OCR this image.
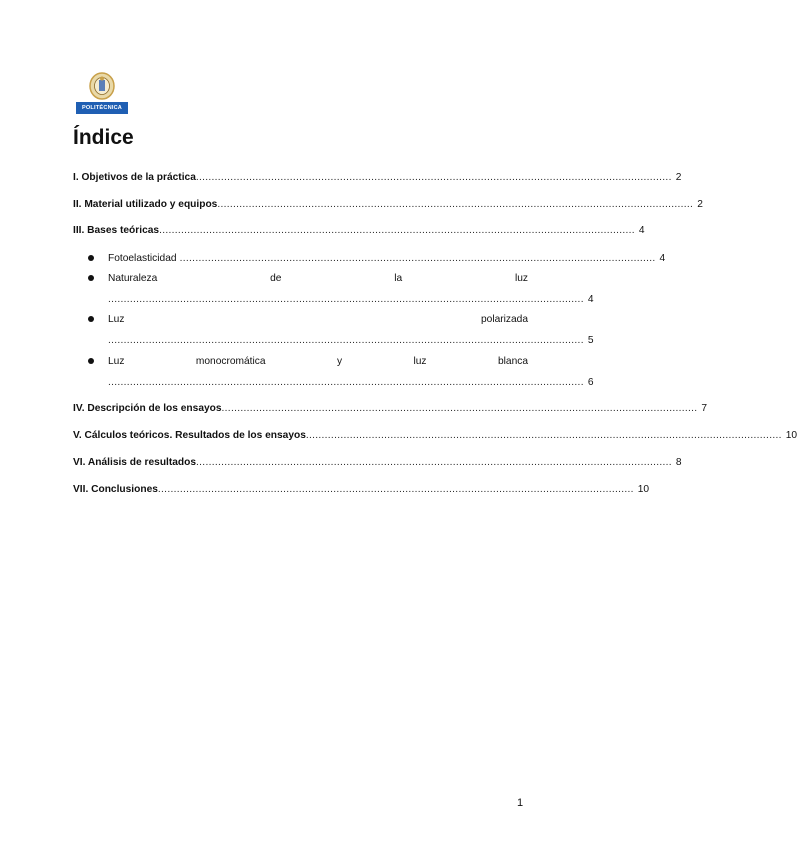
POLITÉCNICA
Índice
I. Objetivos de la práctica ........................................................................................................................................................ 2
II. Material utilizado y equipos ........................................................................................................................................................ 2
III. Bases teóricas ........................................................................................................................................................ 4
Fotoelasticidad ........................................................................................................................................................ 4
Naturaleza	de	la	luz
........................................................................................................................................................ 4
Luz	polarizada
........................................................................................................................................................ 5
Luz	monocromática	y	luz	blanca
........................................................................................................................................................ 6
IV. Descripción de los ensayos ........................................................................................................................................................ 7
V. Cálculos teóricos. Resultados de los ensayos ........................................................................................................................................................ 10
VI. Análisis de resultados ........................................................................................................................................................ 8
VII. Conclusiones ........................................................................................................................................................ 10
1
